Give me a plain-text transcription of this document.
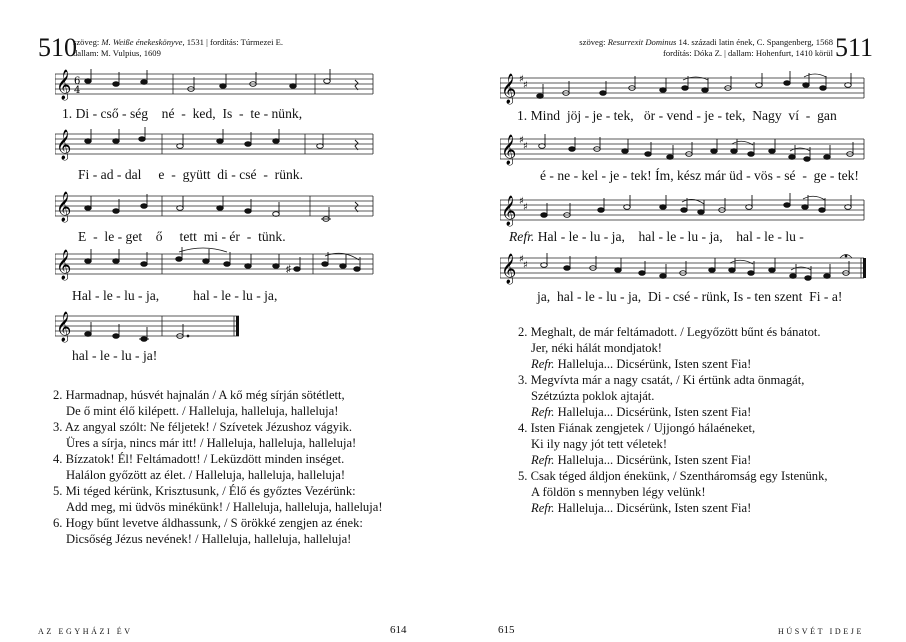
510
szöveg: M. Weiße énekeskönyve, 1531 | fordítás: Túrmezei E.
dallam: M. Vulpius, 1609
𝄞 6
4
1. Di - cső - ség    né  -  ked,  Is  -  te - nünk,
𝄞
Fi - ad - dal     e  -  gyütt  di - csé  -  rünk.
𝄞
E  -  le - get    ő     tett  mi - ér  -  tünk.
𝄞	♯
Hal - le - lu - ja,          hal - le - lu - ja,
𝄞
hal - le - lu - ja!
2. Harmadnap, húsvét hajnalán / A kő még sírján sötétlett,
De ő mint élő kilépett. / Halleluja, halleluja, halleluja!
3. Az angyal szólt: Ne féljetek! / Szívetek Jézushoz vágyik.
Üres a sírja, nincs már itt! / Halleluja, halleluja, halleluja!
4. Bízzatok! Él! Feltámadott! / Leküzdött minden inséget.
Halálon győzött az élet. / Halleluja, halleluja, halleluja!
5. Mi téged kérünk, Krisztusunk, / Élő és győztes Vezérünk:
Add meg, mi üdvös minékünk! / Halleluja, halleluja, halleluja!
6. Hogy bűnt levetve áldhassunk, / S örökké zengjen az ének:
Dicsőség Jézus nevének! / Halleluja, halleluja, halleluja!
AZ EGYHÁZI ÉV	614
szöveg: Resurrexit Dominus 14. századi latin ének, C. Spangenberg, 1568
fordítás: Dóka Z. | dallam: Hohenfurt, 1410 körül 511
𝄞 ♯
♯
1. Mind  jöj - je - tek,   ör - vend - je - tek,  Nagy  ví  -  gan
𝄞 ♯
♯
é - ne - kel - je - tek! Ím, kész már üd - vös - sé  -  ge - tek!
𝄞 ♯
♯
Refr. Hal - le - lu - ja,    hal - le - lu - ja,    hal - le - lu -
𝄞 ♯
♯
ja,  hal - le - lu - ja,  Di - csé - rünk, Is - ten szent  Fi - a!
2. Meghalt, de már feltámadott. / Legyőzött bűnt és bánatot.
Jer, néki hálát mondjatok!
Refr. Halleluja... Dicsérünk, Isten szent Fia!
3. Megvívta már a nagy csatát, / Ki értünk adta önmagát,
Szétzúzta poklok ajtaját.
Refr. Halleluja... Dicsérünk, Isten szent Fia!
4. Isten Fiának zengjetek / Ujjongó hálaéneket,
Ki ily nagy jót tett véletek!
Refr. Halleluja... Dicsérünk, Isten szent Fia!
5. Csak téged áldjon énekünk, / Szentháromság egy Istenünk,
A földön s mennyben légy velünk!
Refr. Halleluja... Dicsérünk, Isten szent Fia!
615	HÚSVÉT IDEJE
